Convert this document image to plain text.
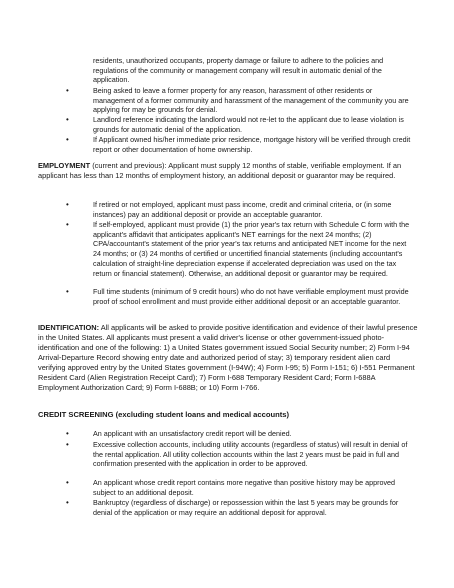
residents, unauthorized occupants, property damage or failure to adhere to the policies and regulations of the community or management company will result in automatic denial of the application.

•	Being asked to leave a former property for any reason, harassment of other residents or management of a former community and harassment of the management of the community you are applying for may be grounds for denial.

•	Landlord reference indicating the landlord would not re-let to the applicant due to lease violation is grounds for automatic denial of the application.

•	If Applicant owned his/her immediate prior residence, mortgage history will be verified through credit report or other documentation of home ownership.

EMPLOYMENT (current and previous): Applicant must supply 12 months of stable, verifiable employment. If an applicant has less than 12 months of employment history, an additional deposit or guarantor may be required.

•	If retired or not employed, applicant must pass income, credit and criminal criteria, or (in some instances) pay an additional deposit or provide an acceptable guarantor.

•	If self-employed, applicant must provide (1) the prior year's tax return with Schedule C form with the applicant's affidavit that anticipates applicant's NET earnings for the next 24 months; (2) CPA/accountant's statement of the prior year's tax returns and anticipated NET income for the next 24 months; or (3) 24 months of certified or uncertified financial statements (including accountant's calculation of straight-line depreciation expense if accelerated depreciation was used on the tax return or financial statement). Otherwise, an additional deposit or guarantor may be required.

•	Full time students (minimum of 9 credit hours) who do not have verifiable employment must provide proof of school enrollment and must provide either additional deposit or an acceptable guarantor.

IDENTIFICATION: All applicants will be asked to provide positive identification and evidence of their lawful presence in the United States. All applicants must present a valid driver's license or other government-issued photo-identification and one of the following: 1) a United States government issued Social Security number; 2) Form I-94 Arrival-Departure Record showing entry date and authorized period of stay; 3) temporary resident alien card verifying approved entry by the United States government (I-94W); 4) Form I-95; 5) Form I-151; 6) I-551 Permanent Resident Card (Alien Registration Receipt Card); 7) Form I-688 Temporary Resident Card; Form I-688A Employment Authorization Card; 9) Form I-688B; or 10) Form I-766.

CREDIT SCREENING (excluding student loans and medical accounts)

•	An applicant with an unsatisfactory credit report will be denied.

•	Excessive collection accounts, including utility accounts (regardless of status) will result in denial of the rental application. All utility collection accounts within the last 2 years must be paid in full and confirmation presented with the application in order to be approved.

•	An applicant whose credit report contains more negative than positive history may be approved subject to an additional deposit.

•	Bankruptcy (regardless of discharge) or repossession within the last 5 years may be grounds for denial of the application or may require an additional deposit for approval.
